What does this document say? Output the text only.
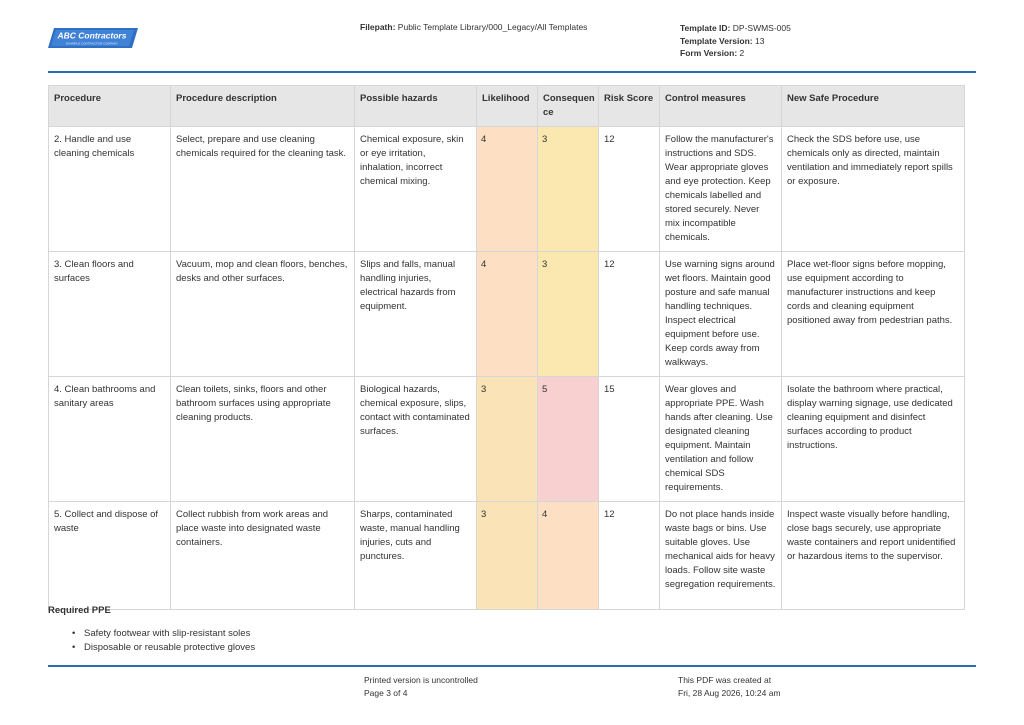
ABC Contractors
EXAMPLE CONTRACTOR COMPANY
Filepath: Public Template Library/000_Legacy/All Templates	Template ID: DP-SWMS-005
Template Version: 13
Form Version: 2
Procedure	Procedure description	Possible hazards	Likelihood	Consequen ce	Risk Score	Control measures	New Safe Procedure
2. Handle and use cleaning chemicals	Select, prepare and use cleaning chemicals required for the cleaning task.	Chemical exposure, skin or eye irritation, inhalation, incorrect chemical mixing.	4	3	12	Follow the manufacturer's instructions and SDS. Wear appropriate gloves and eye protection. Keep chemicals labelled and stored securely. Never mix incompatible chemicals.	Check the SDS before use, use chemicals only as directed, maintain ventilation and immediately report spills or exposure.
3. Clean floors and surfaces	Vacuum, mop and clean floors, benches, desks and other surfaces.	Slips and falls, manual handling injuries, electrical hazards from equipment.	4	3	12	Use warning signs around wet floors. Maintain good posture and safe manual handling techniques. Inspect electrical equipment before use. Keep cords away from walkways.	Place wet-floor signs before mopping, use equipment according to manufacturer instructions and keep cords and cleaning equipment positioned away from pedestrian paths.
4. Clean bathrooms and sanitary areas	Clean toilets, sinks, floors and other bathroom surfaces using appropriate cleaning products.	Biological hazards, chemical exposure, slips, contact with contaminated surfaces.	3	5	15	Wear gloves and appropriate PPE. Wash hands after cleaning. Use designated cleaning equipment. Maintain ventilation and follow chemical SDS requirements.	Isolate the bathroom where practical, display warning signage, use dedicated cleaning equipment and disinfect surfaces according to product instructions.
5. Collect and dispose of waste	Collect rubbish from work areas and place waste into designated waste containers.	Sharps, contaminated waste, manual handling injuries, cuts and punctures.	3	4	12	Do not place hands inside waste bags or bins. Use suitable gloves. Use mechanical aids for heavy loads. Follow site waste segregation requirements.	Inspect waste visually before handling, close bags securely, use appropriate waste containers and report unidentified or hazardous items to the supervisor.
Required PPE
• Safety footwear with slip-resistant soles
• Disposable or reusable protective gloves
Printed version is uncontrolled
Page 3 of 4
This PDF was created at
Fri, 28 Aug 2026, 10:24 am
